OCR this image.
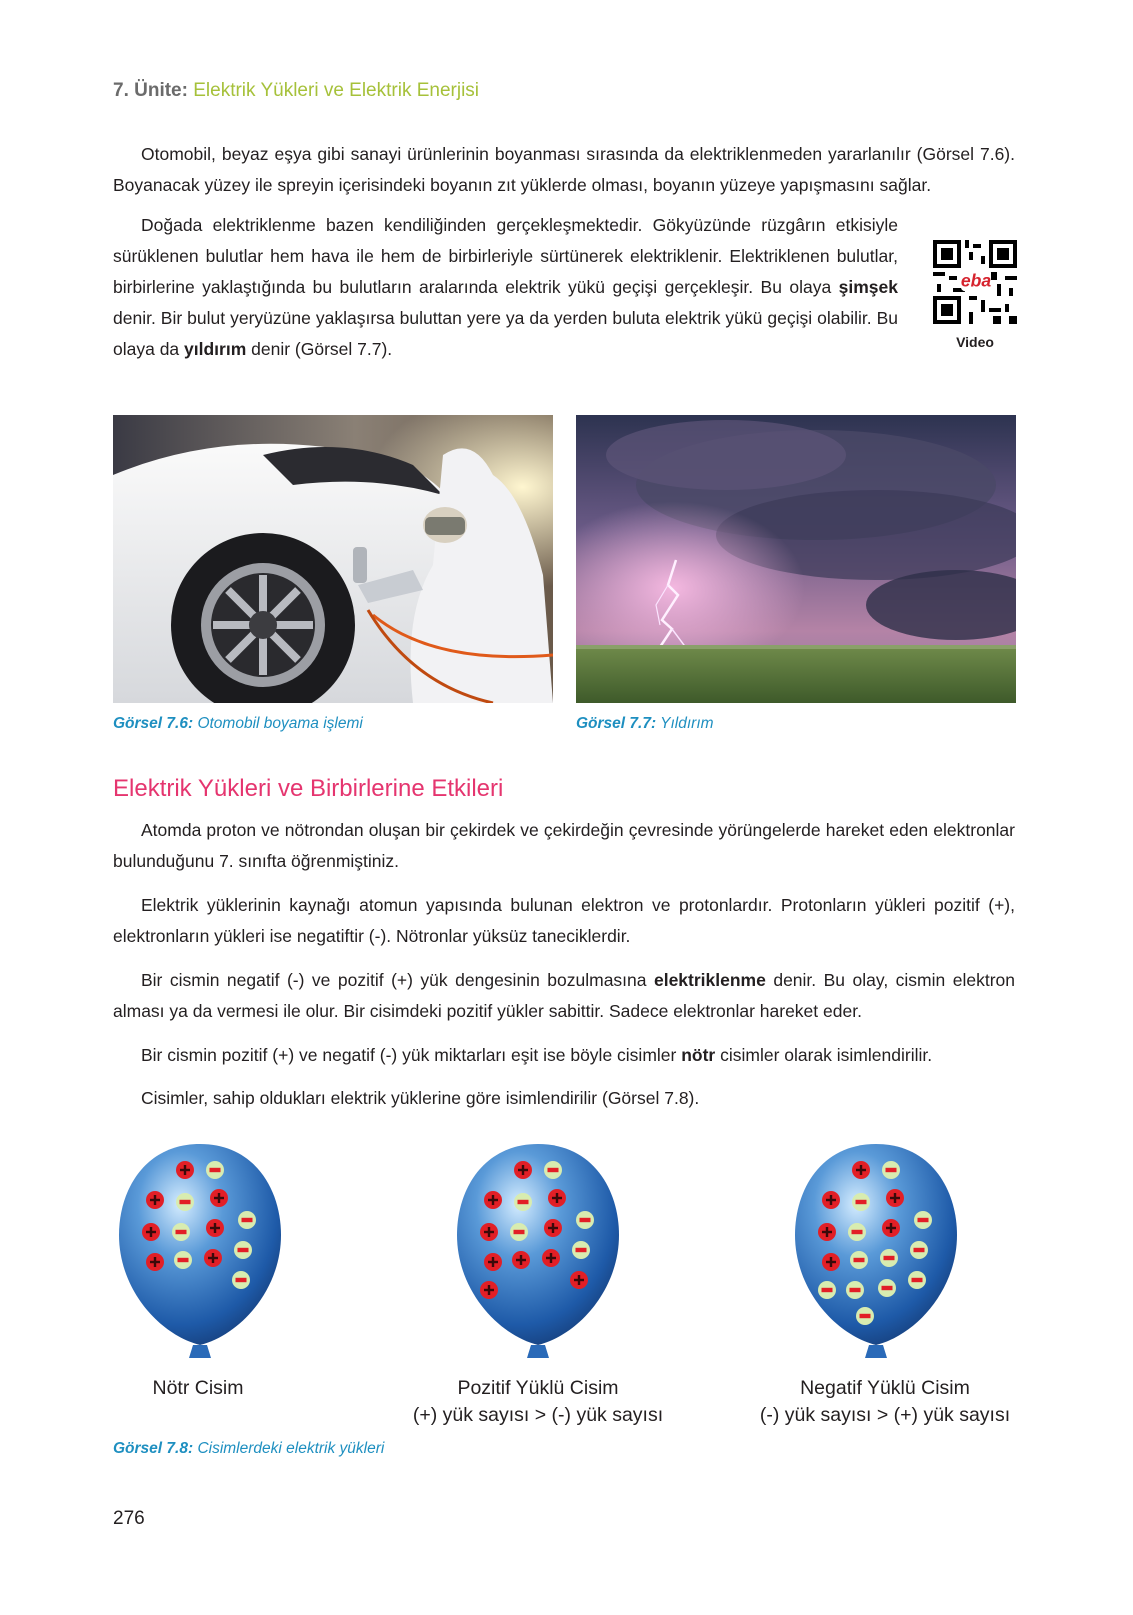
7. Ünite: Elektrik Yükleri ve Elektrik Enerjisi

Otomobil, beyaz eşya gibi sanayi ürünlerinin boyanması sırasında da elektriklenmeden yararlanılır (Görsel 7.6). Boyanacak yüzey ile spreyin içerisindeki boyanın zıt yüklerde olması, boyanın yüzeye yapışmasını sağlar.

Doğada elektriklenme bazen kendiliğinden gerçekleşmektedir. Gökyüzünde rüzgârın etkisiyle sürüklenen bulutlar hem hava ile hem de birbirleriyle sürtünerek elektriklenir. Elektriklenen bulutlar, birbirlerine yaklaştığında bu bulutların aralarında elektrik yükü geçişi gerçekleşir. Bu olaya şimşek denir. Bir bulut yeryüzüne yaklaşırsa buluttan yere ya da yerden buluta elektrik yükü geçişi olabilir. Bu olaya da yıldırım denir (Görsel 7.7).

eba
Video
Görsel 7.6: Otomobil boyama işlemi	Görsel 7.7: Yıldırım
Elektrik Yükleri ve Birbirlerine Etkileri

Atomda proton ve nötrondan oluşan bir çekirdek ve çekirdeğin çevresinde yörüngelerde hareket eden elektronlar bulunduğunu 7. sınıfta öğrenmiştiniz.

Elektrik yüklerinin kaynağı atomun yapısında bulunan elektron ve protonlardır. Protonların yükleri pozitif (+), elektronların yükleri ise negatiftir (-). Nötronlar yüksüz taneciklerdir.

Bir cismin negatif (-) ve pozitif (+) yük dengesinin bozulmasına elektriklenme denir. Bu olay, cismin elektron alması ya da vermesi ile olur. Bir cisimdeki pozitif yükler sabittir. Sadece elektronlar hareket eder.

Bir cismin pozitif (+) ve negatif (-) yük miktarları eşit ise böyle cisimler nötr cisimler olarak isimlendirilir.

Cisimler, sahip oldukları elektrik yüklerine göre isimlendirilir (Görsel 7.8).

Nötr Cisim	Pozitif Yüklü Cisim
(+) yük sayısı > (-) yük sayısı
Negatif Yüklü Cisim
(-) yük sayısı > (+) yük sayısı
Görsel 7.8: Cisimlerdeki elektrik yükleri
276
